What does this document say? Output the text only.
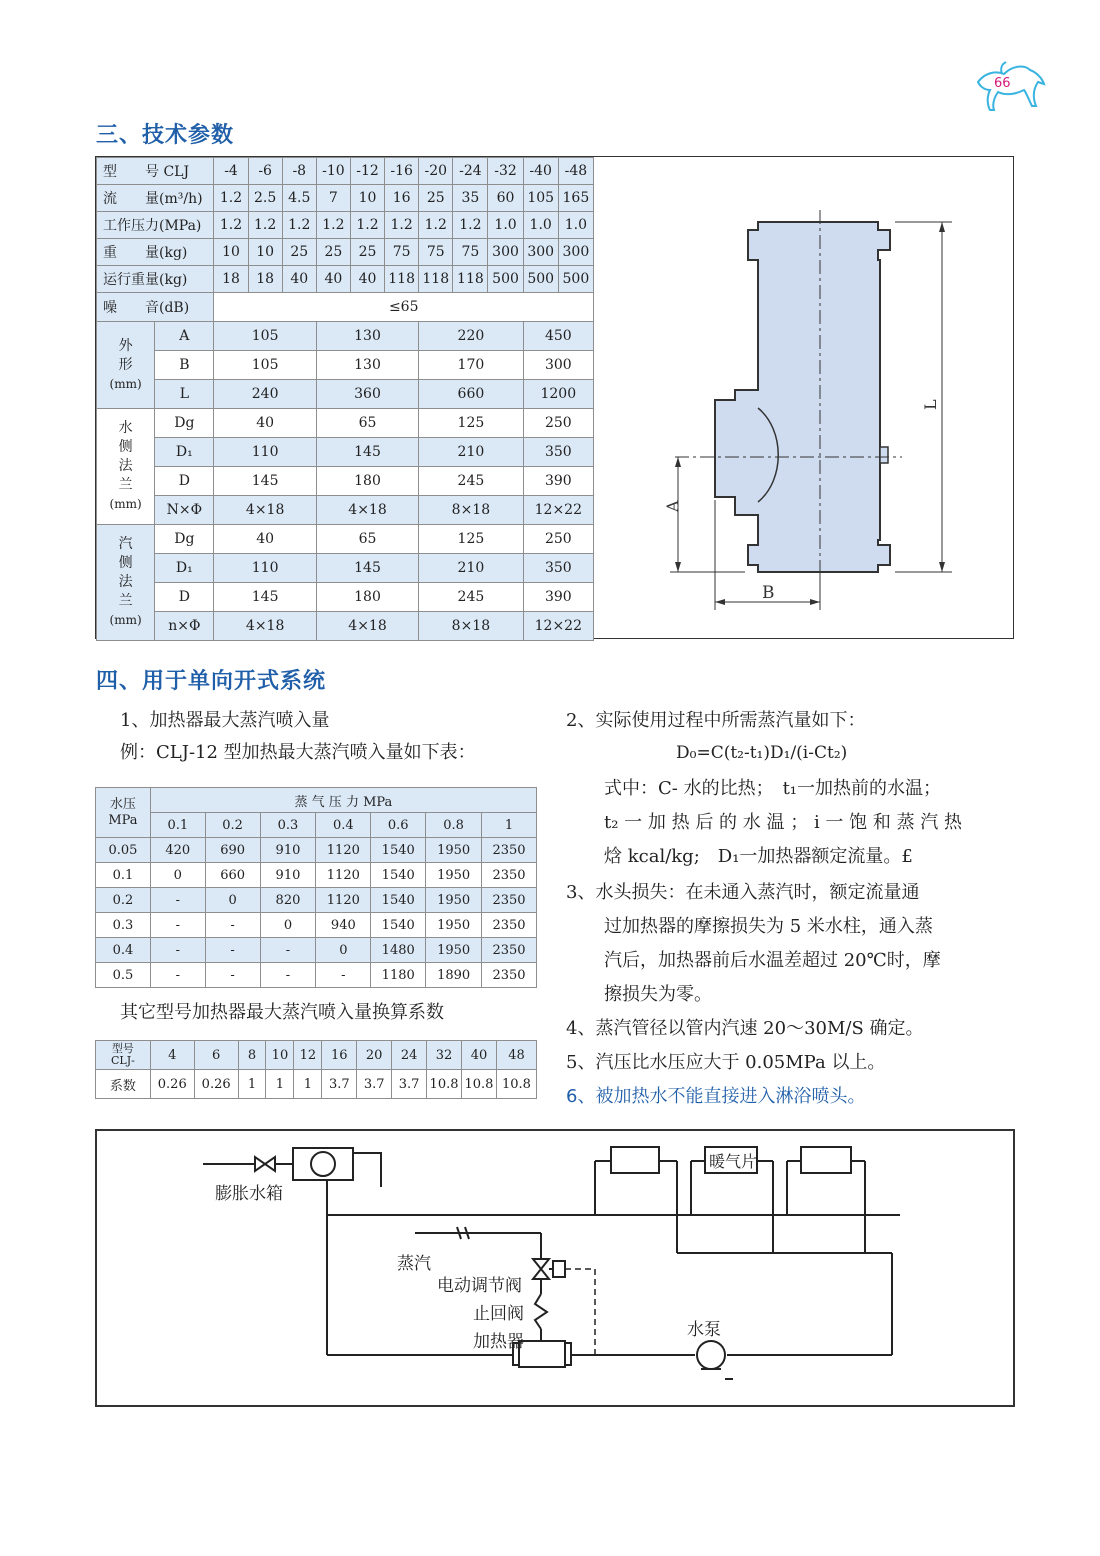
66
三、技术参数
型　　号 CLJ		-4	-6	-8	-10	-12	-16	-20	-24	-32	-40	-48
流　　量(m³/h)		1.2	2.5	4.5	7	10	16	25	35	60	105	165
工作压力(MPa)		1.2	1.2	1.2	1.2	1.2	1.2	1.2	1.2	1.0	1.0	1.0
重　　量(kg)		10	10	25	25	25	75	75	75	300	300	300
运行重量(kg)		18	18	40	40	40	118	118	118	500	500	500
噪　　音(dB)		≤65										
外
形
(mm)	A	105			130			220			450	
	B	105			130			170			300	
	L	240			360			660			1200	
水
侧
法
兰
(mm)	Dg	40			65			125			250	
	D₁	110			145			210			350	
	D	145			180			245			390	
	N×Φ	4×18			4×18			8×18			12×22	
汽
侧
法
兰
(mm)	Dg	40			65			125			250	
	D₁	110			145			210			350	
	D	145			180			245			390	
	n×Φ	4×18			4×18			8×18			12×22	
L
A
B
四、用于单向开式系统
1、加热器最大蒸汽喷入量
例：CLJ-12 型加热最大蒸汽喷入量如下表：
水压
MPa	蒸 气 压 力 MPa						
	0.1	0.2	0.3	0.4	0.6	0.8	1
0.05	420	690	910	1120	1540	1950	2350
0.1	0	660	910	1120	1540	1950	2350
0.2	-	0	820	1120	1540	1950	2350
0.3	-	-	0	940	1540	1950	2350
0.4	-	-	-	0	1480	1950	2350
0.5	-	-	-	-	1180	1890	2350
其它型号加热器最大蒸汽喷入量换算系数
型号
CLJ-	4	6	8	10	12	16	20	24	32	40	48
系数	0.26	0.26	1	1	1	3.7	3.7	3.7	10.8	10.8	10.8
2、实际使用过程中所需蒸汽量如下：
D₀=C(t₂-t₁)D₁/(i-Ct₂)
式中：C- 水的比热；　t₁一加热前的水温；
t₂ 一 加 热 后 的 水 温 ； i 一 饱 和 蒸 汽 热
焓 kcal/kg;　D₁一加热器额定流量。£
3、水头损失：在未通入蒸汽时，额定流量通
过加热器的摩擦损失为 5 米水柱，通入蒸
汽后，加热器前后水温差超过 20℃时，摩
擦损失为零。
4、蒸汽管径以管内汽速 20～30M/S 确定。
5、汽压比水压应大于 0.05MPa 以上。
6、被加热水不能直接进入淋浴喷头。
膨胀水箱
暖气片
蒸汽
电动调节阀
止回阀
加热器
水泵
